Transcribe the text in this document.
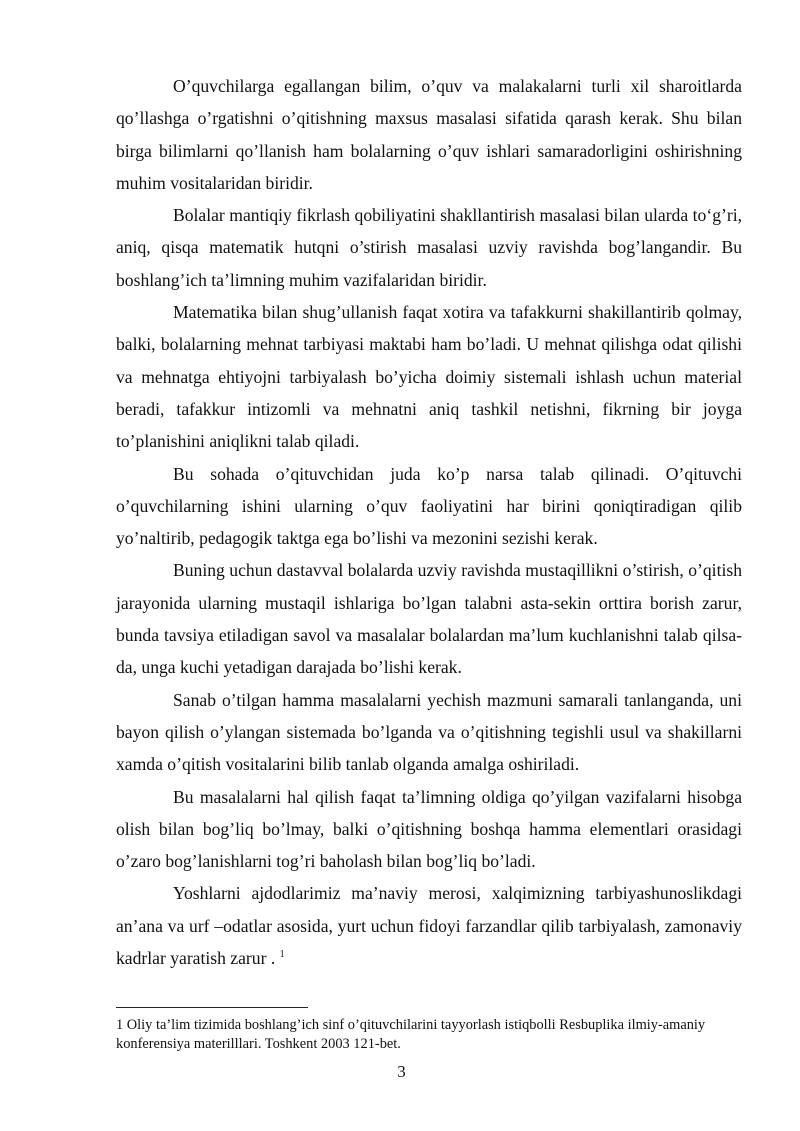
O’quvchilarga egallangan bilim, o’quv va malakalarni turli xil sharoitlarda qo’llashga o’rgatishni o’qitishning maxsus masalasi sifatida qarash kerak. Shu bilan birga bilimlarni qo’llanish ham bolalarning o’quv ishlari samaradorligini oshirishning muhim vositalaridan biridir.

Bolalar mantiqiy fikrlash qobiliyatini shakllantirish masalasi bilan ularda to‘g’ri, aniq, qisqa matematik hutqni o’stirish masalasi uzviy ravishda bog’langandir. Bu boshlang’ich ta’limning muhim vazifalaridan biridir.

Matematika bilan shug’ullanish faqat xotira va tafakkurni shakillantirib qolmay, balki, bolalarning mehnat tarbiyasi maktabi ham bo’ladi. U mehnat qilishga odat qilishi va mehnatga ehtiyojni tarbiyalash bo’yicha doimiy sistemali ishlash uchun material beradi, tafakkur intizomli va mehnatni aniq tashkil netishni, fikrning bir joyga to’planishini aniqlikni talab qiladi.

Bu sohada o’qituvchidan juda ko’p narsa talab qilinadi. O’qituvchi o’quvchilarning ishini ularning o’quv faoliyatini har birini qoniqtiradigan qilib yo’naltirib, pedagogik taktga ega bo’lishi va mezonini sezishi kerak.

Buning uchun dastavval bolalarda uzviy ravishda mustaqillikni o’stirish, o’qitish jarayonida ularning mustaqil ishlariga bo’lgan talabni asta-sekin orttira borish zarur, bunda tavsiya etiladigan savol va masalalar bolalardan ma’lum kuchlanishni talab qilsa-da, unga kuchi yetadigan darajada bo’lishi kerak.

Sanab o’tilgan hamma masalalarni yechish mazmuni samarali tanlanganda, uni bayon qilish o’ylangan sistemada bo’lganda va o’qitishning tegishli usul va shakillarni xamda o’qitish vositalarini bilib tanlab olganda amalga oshiriladi.

Bu masalalarni hal qilish faqat ta’limning oldiga qo’yilgan vazifalarni hisobga olish bilan bog’liq bo’lmay, balki o’qitishning boshqa hamma elementlari orasidagi o’zaro bog’lanishlarni tog’ri baholash bilan bog’liq bo’ladi.

Yoshlarni ajdodlarimiz ma’naviy merosi, xalqimizning tarbiyashunoslikdagi an’ana va urf –odatlar asosida, yurt uchun fidoyi farzandlar qilib tarbiyalash, zamonaviy kadrlar yaratish zarur . $^1$

1 Oliy ta’lim tizimida boshlang’ich sinf o’qituvchilarini tayyorlash istiqbolli Resbuplika ilmiy-amaniy konferensiya materilllari. Toshkent 2003 121-bet.

3
